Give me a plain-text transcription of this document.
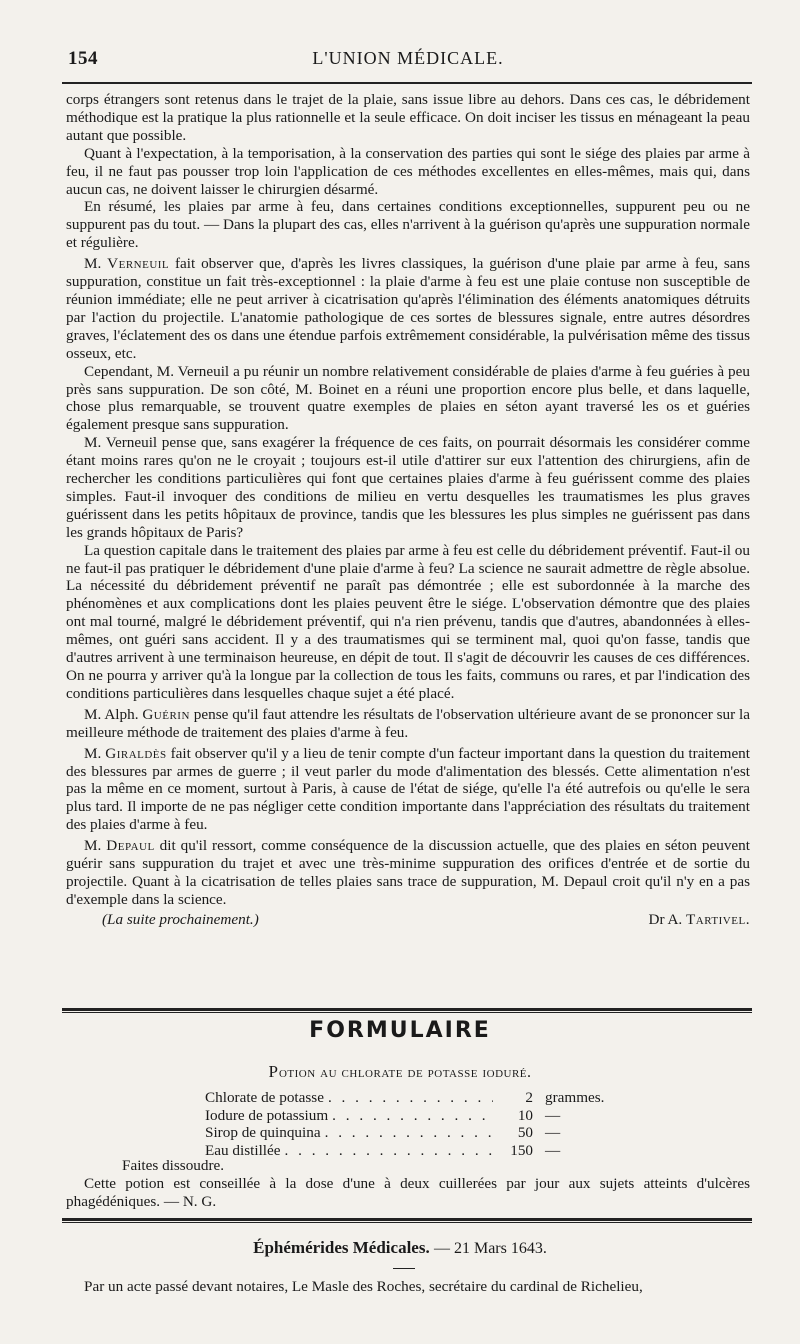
154	L'UNION MÉDICALE.

corps étrangers sont retenus dans le trajet de la plaie, sans issue libre au dehors. Dans ces cas, le débridement méthodique est la pratique la plus rationnelle et la seule efficace. On doit inciser les tissus en ménageant la peau autant que possible.

Quant à l'expectation, à la temporisation, à la conservation des parties qui sont le siége des plaies par arme à feu, il ne faut pas pousser trop loin l'application de ces méthodes excellentes en elles-mêmes, mais qui, dans aucun cas, ne doivent laisser le chirurgien désarmé.

En résumé, les plaies par arme à feu, dans certaines conditions exceptionnelles, suppurent peu ou ne suppurent pas du tout. — Dans la plupart des cas, elles n'arrivent à la guérison qu'après une suppuration normale et régulière.

M. Verneuil fait observer que, d'après les livres classiques, la guérison d'une plaie par arme à feu, sans suppuration, constitue un fait très-exceptionnel : la plaie d'arme à feu est une plaie contuse non susceptible de réunion immédiate; elle ne peut arriver à cicatrisation qu'après l'élimination des éléments anatomiques détruits par l'action du projectile. L'anatomie pathologique de ces sortes de blessures signale, entre autres désordres graves, l'éclatement des os dans une étendue parfois extrêmement considérable, la pulvérisation même des tissus osseux, etc.

Cependant, M. Verneuil a pu réunir un nombre relativement considérable de plaies d'arme à feu guéries à peu près sans suppuration. De son côté, M. Boinet en a réuni une proportion encore plus belle, et dans laquelle, chose plus remarquable, se trouvent quatre exemples de plaies en séton ayant traversé les os et guéries également presque sans suppuration.

M. Verneuil pense que, sans exagérer la fréquence de ces faits, on pourrait désormais les considérer comme étant moins rares qu'on ne le croyait ; toujours est-il utile d'attirer sur eux l'attention des chirurgiens, afin de rechercher les conditions particulières qui font que certaines plaies d'arme à feu guérissent comme des plaies simples. Faut-il invoquer des conditions de milieu en vertu desquelles les traumatismes les plus graves guérissent dans les petits hôpitaux de province, tandis que les blessures les plus simples ne guérissent pas dans les grands hôpitaux de Paris?

La question capitale dans le traitement des plaies par arme à feu est celle du débridement préventif. Faut-il ou ne faut-il pas pratiquer le débridement d'une plaie d'arme à feu? La science ne saurait admettre de règle absolue. La nécessité du débridement préventif ne paraît pas démontrée ; elle est subordonnée à la marche des phénomènes et aux complications dont les plaies peuvent être le siége. L'observation démontre que des plaies ont mal tourné, malgré le débridement préventif, qui n'a rien prévenu, tandis que d'autres, abandonnées à elles-mêmes, ont guéri sans accident. Il y a des traumatismes qui se terminent mal, quoi qu'on fasse, tandis que d'autres arrivent à une terminaison heureuse, en dépit de tout. Il s'agit de découvrir les causes de ces différences. On ne pourra y arriver qu'à la longue par la collection de tous les faits, communs ou rares, et par l'indication des conditions particulières dans lesquelles chaque sujet a été placé.

M. Alph. Guérin pense qu'il faut attendre les résultats de l'observation ultérieure avant de se prononcer sur la meilleure méthode de traitement des plaies d'arme à feu.

M. Giraldès fait observer qu'il y a lieu de tenir compte d'un facteur important dans la question du traitement des blessures par armes de guerre ; il veut parler du mode d'alimentation des blessés. Cette alimentation n'est pas la même en ce moment, surtout à Paris, à cause de l'état de siége, qu'elle l'a été autrefois ou qu'elle le sera plus tard. Il importe de ne pas négliger cette condition importante dans l'appréciation des résultats du traitement des plaies d'arme à feu.

M. Depaul dit qu'il ressort, comme conséquence de la discussion actuelle, que des plaies en séton peuvent guérir sans suppuration du trajet et avec une très-minime suppuration des orifices d'entrée et de sortie du projectile. Quant à la cicatrisation de telles plaies sans trace de suppuration, M. Depaul croit qu'il n'y en a pas d'exemple dans la science.

(La suite prochainement.)	Dr A. Tartivel.
FORMULAIRE
Potion au chlorate de potasse ioduré.
Chlorate de potasse . . .	2 grammes.
Iodure de potassium . . .	10 —
Sirop de quinquina . . .	50 —
Eau distillée . . .	150 —

Faites dissoudre.

Cette potion est conseillée à la dose d'une à deux cuillerées par jour aux sujets atteints d'ulcères phagédéniques. — N. G.

Éphémérides Médicales. — 21 Mars 1643.
Par un acte passé devant notaires, Le Masle des Roches, secrétaire du cardinal de Richelieu,
